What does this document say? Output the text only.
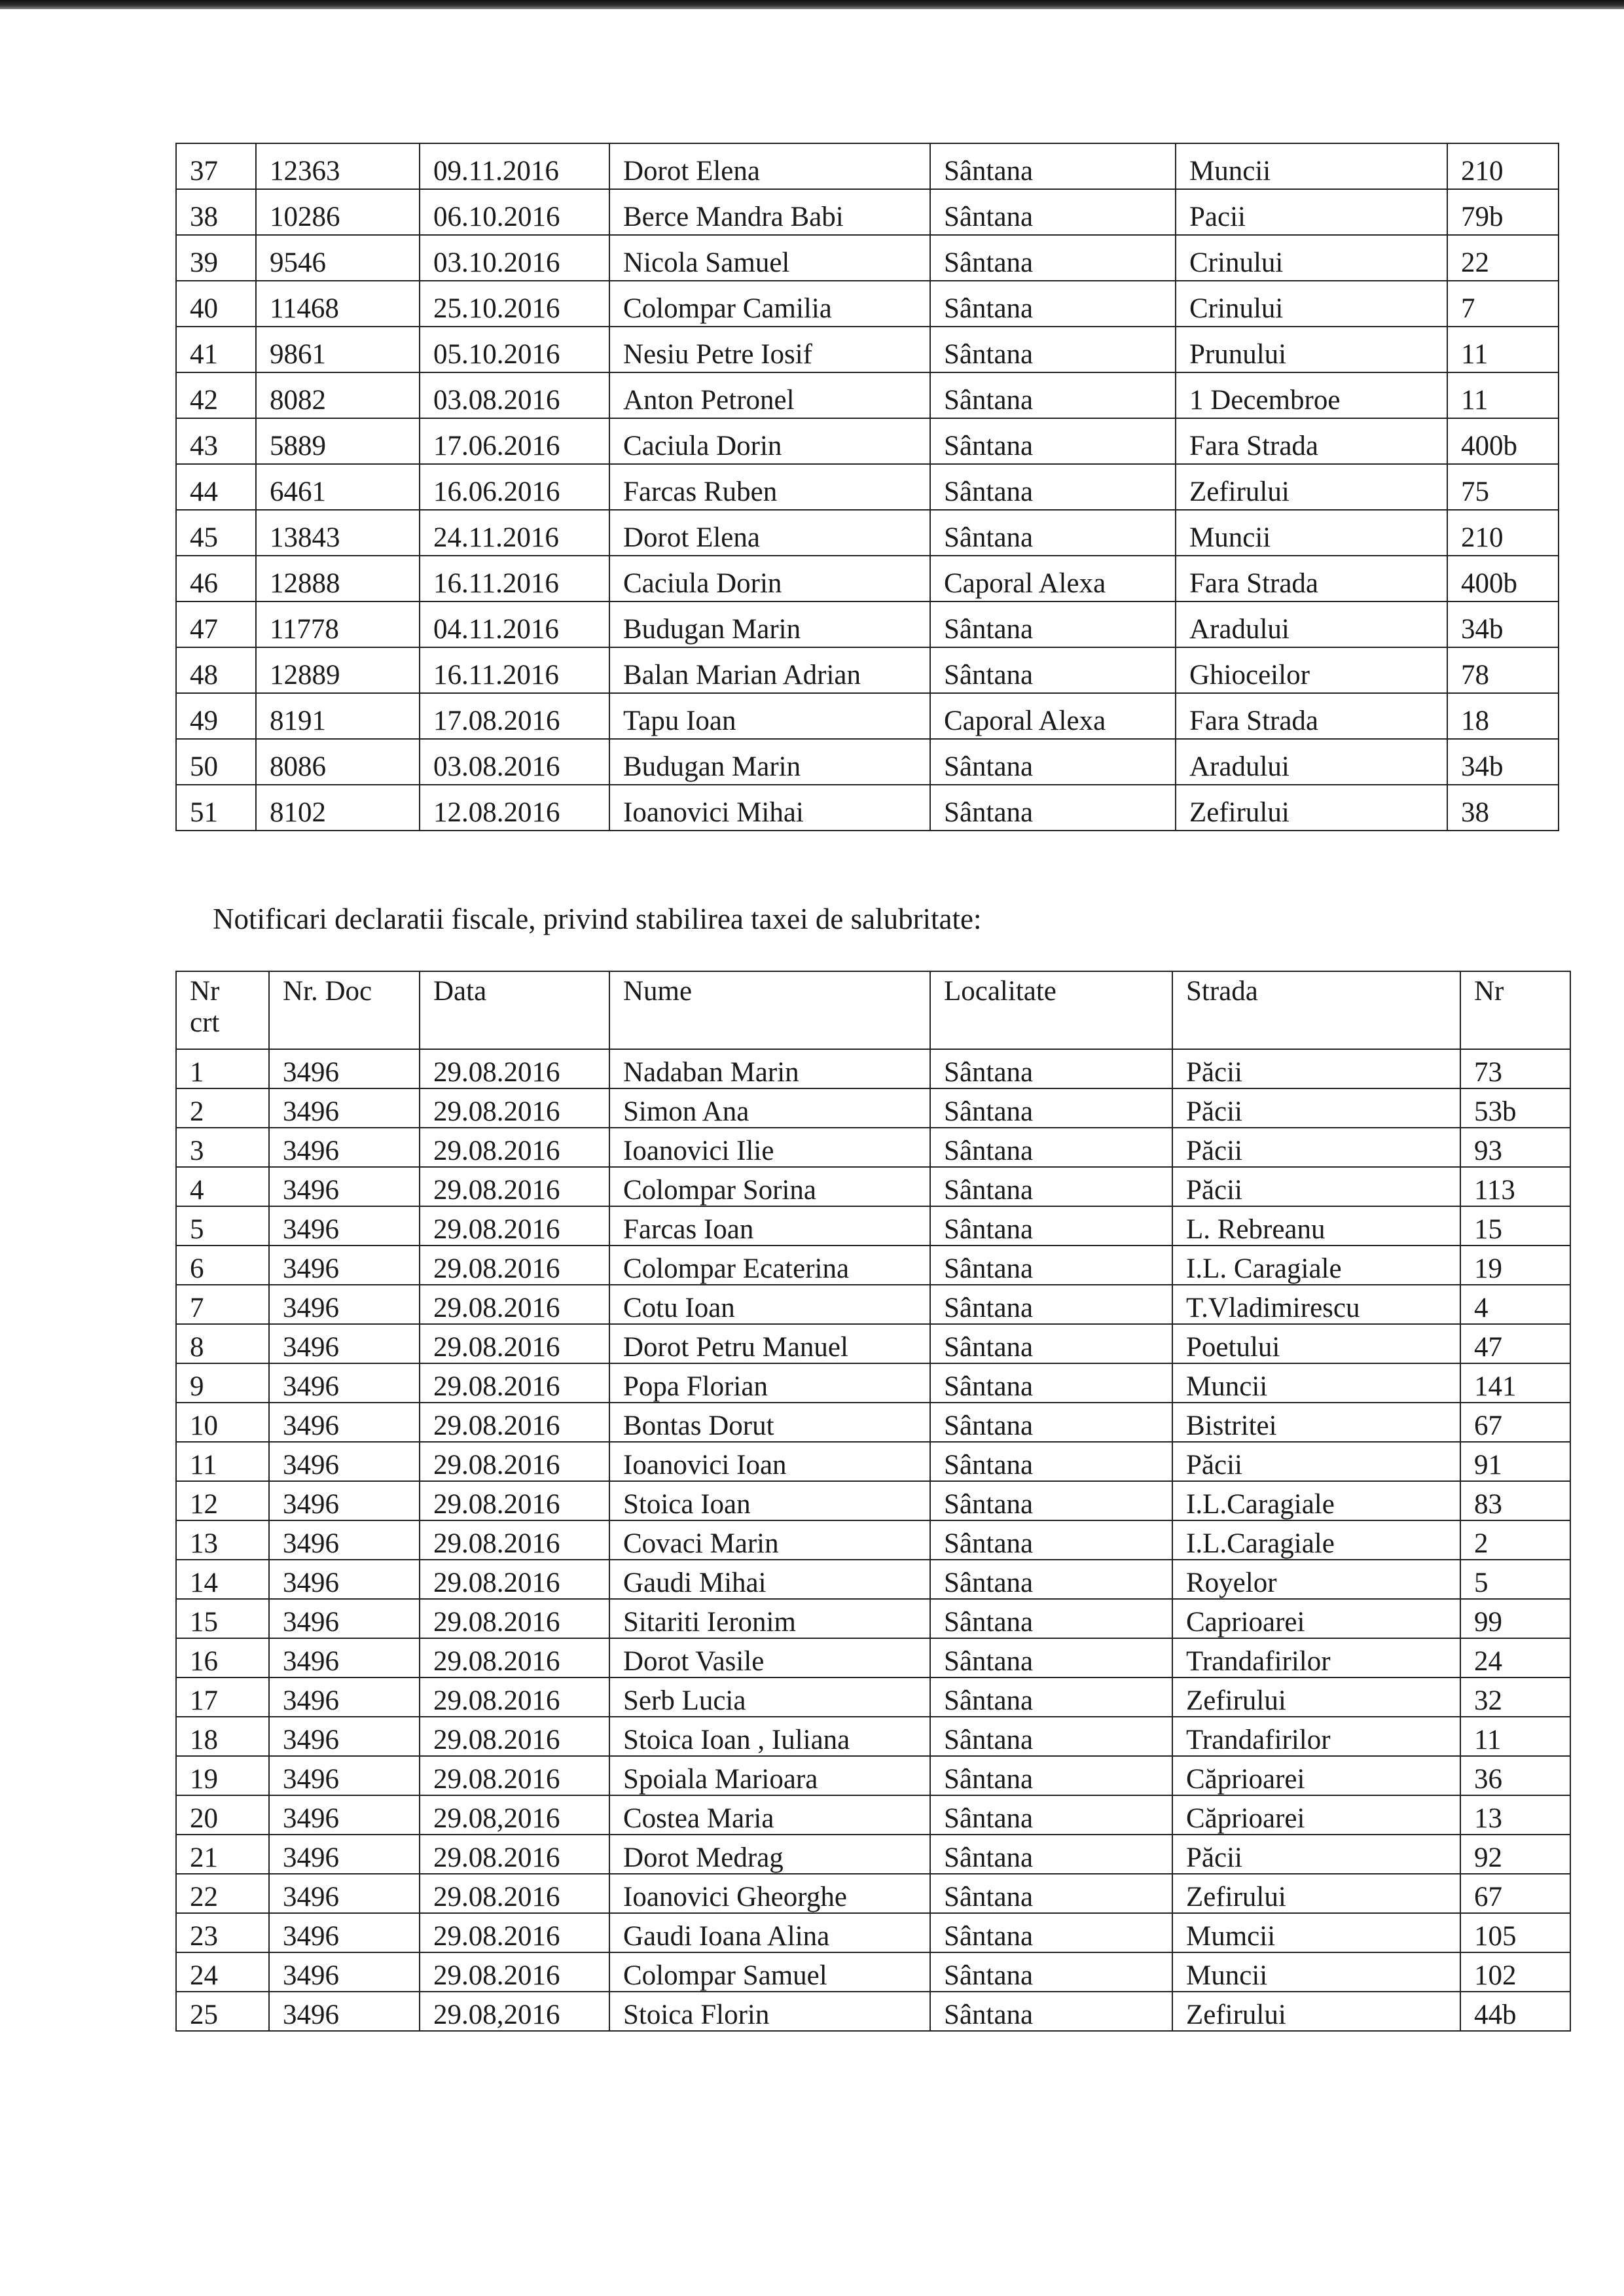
37	12363	09.11.2016	Dorot Elena	Sântana	Muncii	210
38	10286	06.10.2016	Berce Mandra Babi	Sântana	Pacii	79b
39	9546	03.10.2016	Nicola Samuel	Sântana	Crinului	22
40	11468	25.10.2016	Colompar Camilia	Sântana	Crinului	7
41	9861	05.10.2016	Nesiu Petre Iosif	Sântana	Prunului	11
42	8082	03.08.2016	Anton Petronel	Sântana	1 Decembroe	11
43	5889	17.06.2016	Caciula Dorin	Sântana	Fara Strada	400b
44	6461	16.06.2016	Farcas Ruben	Sântana	Zefirului	75
45	13843	24.11.2016	Dorot Elena	Sântana	Muncii	210
46	12888	16.11.2016	Caciula Dorin	Caporal Alexa	Fara Strada	400b
47	11778	04.11.2016	Budugan Marin	Sântana	Aradului	34b
48	12889	16.11.2016	Balan Marian Adrian	Sântana	Ghioceilor	78
49	8191	17.08.2016	Tapu Ioan	Caporal Alexa	Fara Strada	18
50	8086	03.08.2016	Budugan Marin	Sântana	Aradului	34b
51	8102	12.08.2016	Ioanovici Mihai	Sântana	Zefirului	38
Notificari declaratii fiscale, privind stabilirea taxei de salubritate:
Nr
crt	Nr. Doc	Data	Nume	Localitate	Strada	Nr
1	3496	29.08.2016	Nadaban Marin	Sântana	Păcii	73
2	3496	29.08.2016	Simon Ana	Sântana	Păcii	53b
3	3496	29.08.2016	Ioanovici Ilie	Sântana	Păcii	93
4	3496	29.08.2016	Colompar Sorina	Sântana	Păcii	113
5	3496	29.08.2016	Farcas Ioan	Sântana	L. Rebreanu	15
6	3496	29.08.2016	Colompar Ecaterina	Sântana	I.L. Caragiale	19
7	3496	29.08.2016	Cotu Ioan	Sântana	T.Vladimirescu	4
8	3496	29.08.2016	Dorot Petru Manuel	Sântana	Poetului	47
9	3496	29.08.2016	Popa Florian	Sântana	Muncii	141
10	3496	29.08.2016	Bontas Dorut	Sântana	Bistritei	67
11	3496	29.08.2016	Ioanovici Ioan	Sântana	Păcii	91
12	3496	29.08.2016	Stoica Ioan	Sântana	I.L.Caragiale	83
13	3496	29.08.2016	Covaci Marin	Sântana	I.L.Caragiale	2
14	3496	29.08.2016	Gaudi Mihai	Sântana	Royelor	5
15	3496	29.08.2016	Sitariti Ieronim	Sântana	Caprioarei	99
16	3496	29.08.2016	Dorot Vasile	Sântana	Trandafirilor	24
17	3496	29.08.2016	Serb Lucia	Sântana	Zefirului	32
18	3496	29.08.2016	Stoica Ioan , Iuliana	Sântana	Trandafirilor	11
19	3496	29.08.2016	Spoiala Marioara	Sântana	Căprioarei	36
20	3496	29.08,2016	Costea Maria	Sântana	Căprioarei	13
21	3496	29.08.2016	Dorot Medrag	Sântana	Păcii	92
22	3496	29.08.2016	Ioanovici Gheorghe	Sântana	Zefirului	67
23	3496	29.08.2016	Gaudi Ioana Alina	Sântana	Mumcii	105
24	3496	29.08.2016	Colompar Samuel	Sântana	Muncii	102
25	3496	29.08,2016	Stoica Florin	Sântana	Zefirului	44b
